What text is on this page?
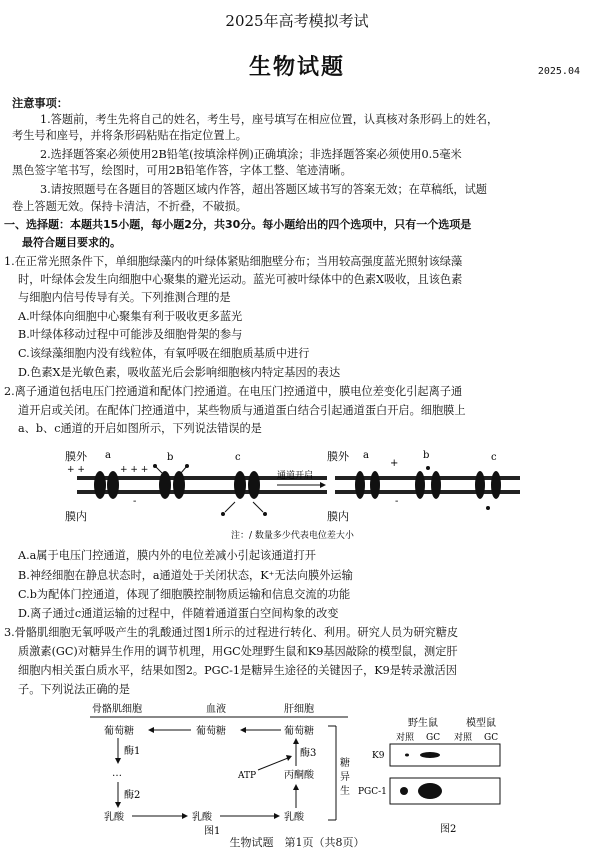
2025年高考模拟考试
生物试题	2025.04
注意事项：
1.答题前，考生先将自己的姓名，考生号，座号填写在相应位置，认真核对条形码上的姓名，
考生号和座号，并将条形码粘贴在指定位置上。
2.选择题答案必须使用2B铅笔(按填涂样例)正确填涂；非选择题答案必须使用0.5毫米
黑色签字笔书写，绘图时，可用2B铅笔作答，字体工整、笔迹清晰。
3.请按照题号在各题目的答题区域内作答，超出答题区域书写的答案无效；在草稿纸，试题
卷上答题无效。保持卡清洁，不折叠，不破损。
一、选择题：本题共15小题，每小题2分，共30分。每小题给出的四个选项中，只有一个选项是
最符合题目要求的。
1.在正常光照条件下，单细胞绿藻内的叶绿体紧贴细胞壁分布；当用较高强度蓝光照射该绿藻
时，叶绿体会发生向细胞中心聚集的避光运动。蓝光可被叶绿体中的色素X吸收，且该色素
与细胞内信号传导有关。下列推测合理的是
A.叶绿体向细胞中心聚集有利于吸收更多蓝光
B.叶绿体移动过程中可能涉及细胞骨架的参与
C.该绿藻细胞内没有线粒体，有氧呼吸在细胞质基质中进行
D.色素X是光敏色素，吸收蓝光后会影响细胞核内特定基因的表达
2.离子通道包括电压门控通道和配体门控通道。在电压门控通道中，膜电位差变化引起离子通
道开启或关闭。在配体门控通道中，某些物质与通道蛋白结合引起通道蛋白开启。细胞膜上
a、b、c通道的开启如图所示，下列说法错误的是
膜外
膜内
膜外
膜内
+ +	+ + +
-
+
-
a	b	c
通道开启
a	b	c
注：/ 数量多少代表电位差大小
A.a属于电压门控通道，膜内外的电位差减小引起该通道打开
B.神经细胞在静息状态时，a通道处于关闭状态，K⁺无法向膜外运输
C.b为配体门控通道，体现了细胞膜控制物质运输和信息交流的功能
D.离子通过c通道运输的过程中，伴随着通道蛋白空间构象的改变
3.骨骼肌细胞无氧呼吸产生的乳酸通过图1所示的过程进行转化、利用。研究人员为研究糖皮
质激素(GC)对糖异生作用的调节机理，用GC处理野生鼠和K9基因敲除的模型鼠，测定肝
细胞内相关蛋白质水平，结果如图2。PGC-1是糖异生途径的关键因子，K9是转录激活因
子。下列说法正确的是
骨骼肌细胞	血液	肝细胞
葡萄糖	葡萄糖	葡萄糖
酶1
…
酶2
乳酸	乳酸	乳酸
丙酮酸
酶3
ATP
糖
异
生
图1
野生鼠	模型鼠
对照 GC 对照 GC
K9
PGC-1
图2
生物试题　第1页（共8页）
